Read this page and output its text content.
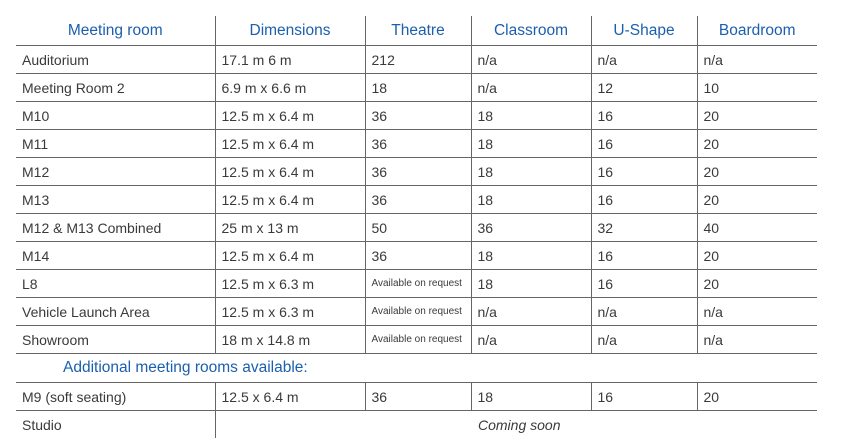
Meeting room	Dimensions	Theatre	Classroom	U-Shape	Boardroom
Auditorium	17.1 m 6 m	212	n/a	n/a	n/a
Meeting Room 2	6.9 m x 6.6 m	18	n/a	12	10
M10	12.5 m x 6.4 m	36	18	16	20
M11	12.5 m x 6.4 m	36	18	16	20
M12	12.5 m x 6.4 m	36	18	16	20
M13	12.5 m x 6.4 m	36	18	16	20
M12 & M13 Combined	25 m x 13 m	50	36	32	40
M14	12.5 m x 6.4 m	36	18	16	20
L8	12.5 m x 6.3 m	Available on request	18	16	20
Vehicle Launch Area	12.5 m x 6.3 m	Available on request	n/a	n/a	n/a
Showroom	18 m x 14.8 m	Available on request	n/a	n/a	n/a
Additional meeting rooms available:					
M9 (soft seating)	12.5 x 6.4 m	36	18	16	20
Studio	Coming soon				
